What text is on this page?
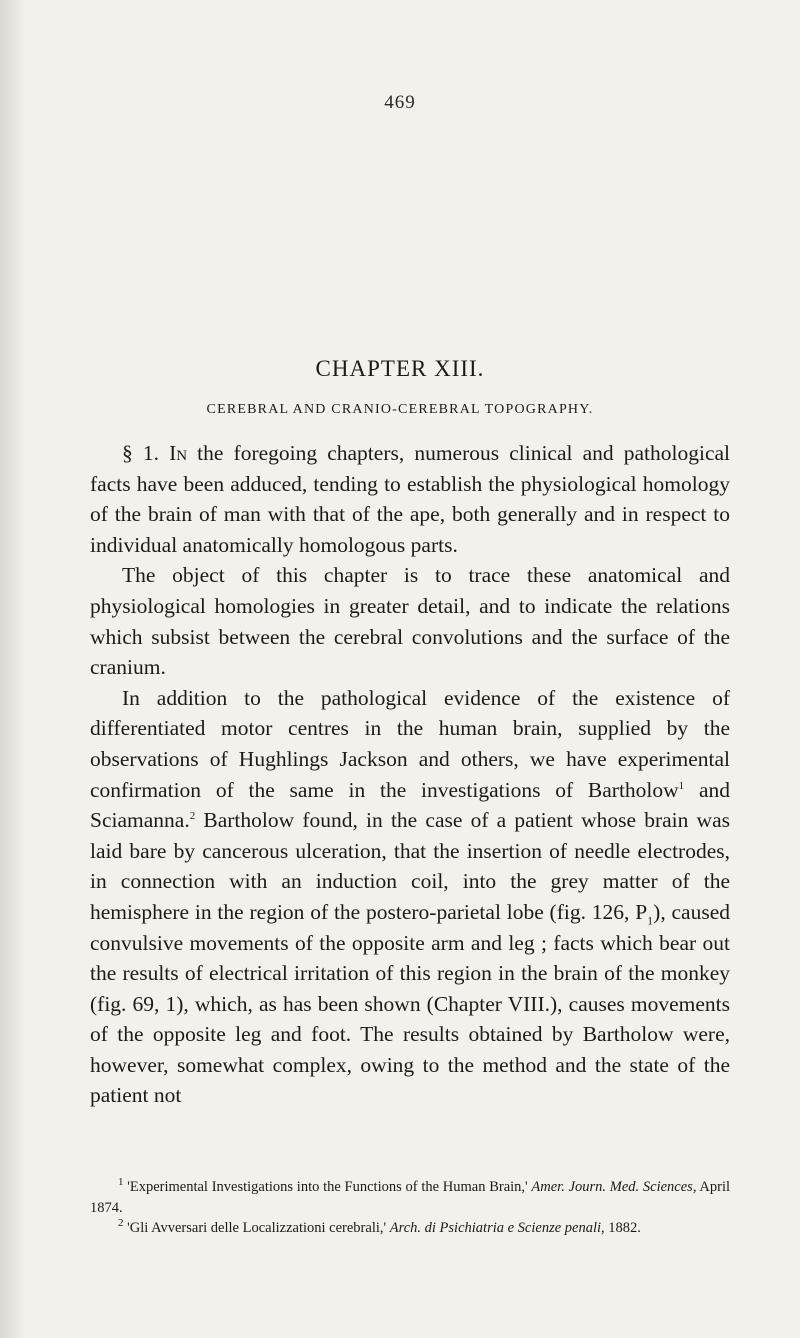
469
CHAPTER XIII.
CEREBRAL AND CRANIO-CEREBRAL TOPOGRAPHY.

§ 1. In the foregoing chapters, numerous clinical and pathological facts have been adduced, tending to establish the physiological homology of the brain of man with that of the ape, both generally and in respect to individual anatomically homologous parts.

The object of this chapter is to trace these anatomical and physiological homologies in greater detail, and to indicate the relations which subsist between the cerebral convolutions and the surface of the cranium.

In addition to the pathological evidence of the existence of differentiated motor centres in the human brain, supplied by the observations of Hughlings Jackson and others, we have experimental confirmation of the same in the investigations of Bartholow$^1$ and Sciamanna.$^2$ Bartholow found, in the case of a patient whose brain was laid bare by cancerous ulceration, that the insertion of needle electrodes, in connection with an induction coil, into the grey matter of the hemisphere in the region of the postero-parietal lobe (fig. 126, $P_1$), caused convulsive movements of the opposite arm and leg ; facts which bear out the results of electrical irritation of this region in the brain of the monkey (fig. 69, 1), which, as has been shown (Chapter VIII.), causes movements of the opposite leg and foot. The results obtained by Bartholow were, however, somewhat complex, owing to the method and the state of the patient not

$^1$ 'Experimental Investigations into the Functions of the Human Brain,' Amer. Journ. Med. Sciences, April 1874.

$^2$ 'Gli Avversari delle Localizzationi cerebrali,' Arch. di Psichiatria e Scienze penali, 1882.
